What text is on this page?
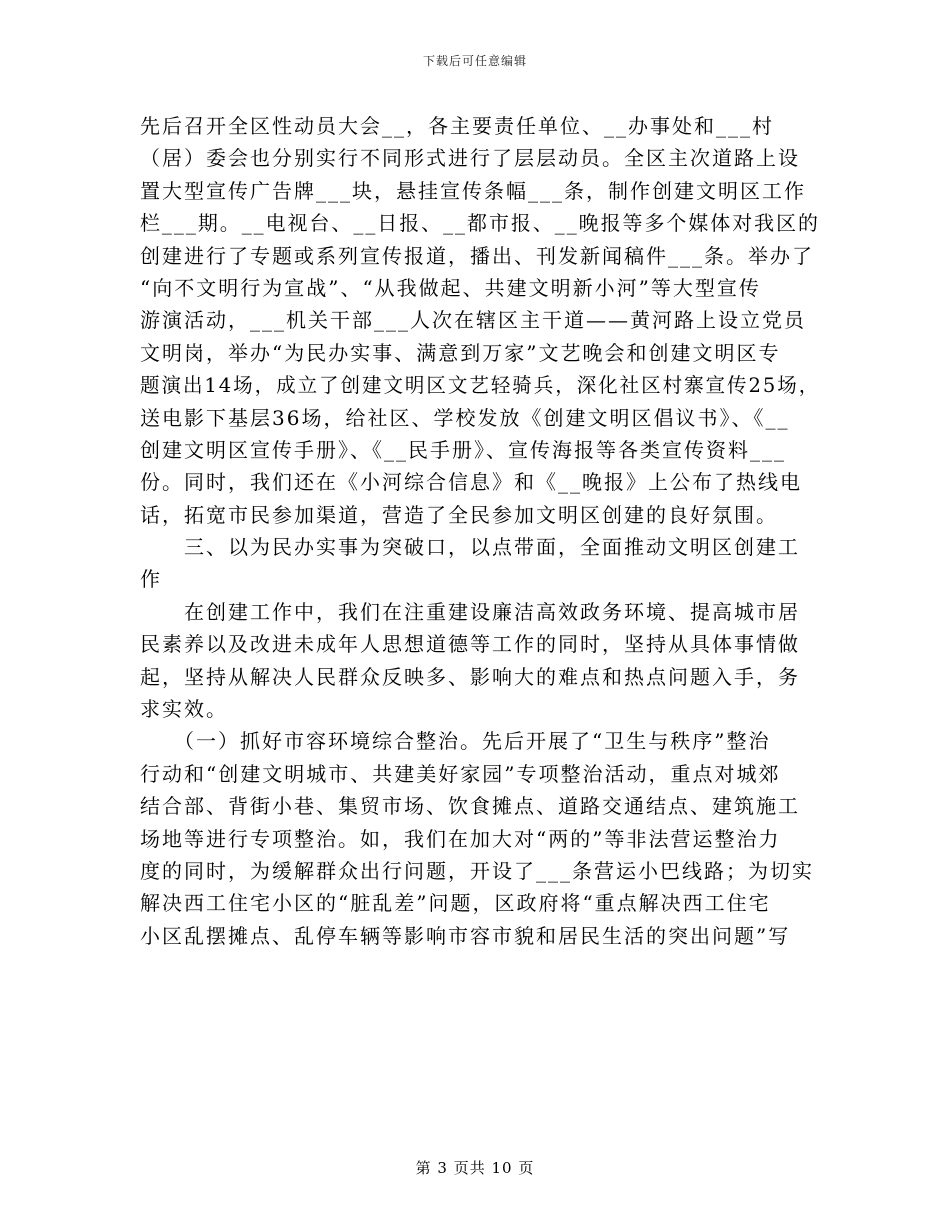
下载后可任意编辑
先后召开全区性动员大会__，各主要责任单位、__办事处和___村
（居）委会也分别实行不同形式进行了层层动员。全区主次道路上设
置大型宣传广告牌___块，悬挂宣传条幅___条，制作创建文明区工作
栏___期。__电视台、__日报、__都市报、__晚报等多个媒体对我区的
创建进行了专题或系列宣传报道，播出、刊发新闻稿件___条。举办了
“向不文明行为宣战”、“从我做起、共建文明新小河”等大型宣传
游演活动，___机关干部___人次在辖区主干道——黄河路上设立党员
文明岗，举办“为民办实事、满意到万家”文艺晚会和创建文明区专
题演出14场，成立了创建文明区文艺轻骑兵，深化社区村寨宣传25场，
送电影下基层36场，给社区、学校发放《创建文明区倡议书》、《__
创建文明区宣传手册》、《__民手册》、宣传海报等各类宣传资料___
份。同时，我们还在《小河综合信息》和《__晚报》上公布了热线电
话，拓宽市民参加渠道，营造了全民参加文明区创建的良好氛围。
　　三、以为民办实事为突破口，以点带面，全面推动文明区创建工
作
　　在创建工作中，我们在注重建设廉洁高效政务环境、提高城市居
民素养以及改进未成年人思想道德等工作的同时，坚持从具体事情做
起，坚持从解决人民群众反映多、影响大的难点和热点问题入手，务
求实效。
　　（一）抓好市容环境综合整治。先后开展了“卫生与秩序”整治
行动和“创建文明城市、共建美好家园”专项整治活动，重点对城郊
结合部、背街小巷、集贸市场、饮食摊点、道路交通结点、建筑施工
场地等进行专项整治。如，我们在加大对“两的”等非法营运整治力
度的同时，为缓解群众出行问题，开设了___条营运小巴线路；为切实
解决西工住宅小区的“脏乱差”问题，区政府将“重点解决西工住宅
小区乱摆摊点、乱停车辆等影响市容市貌和居民生活的突出问题”写
第 3 页共 10 页
